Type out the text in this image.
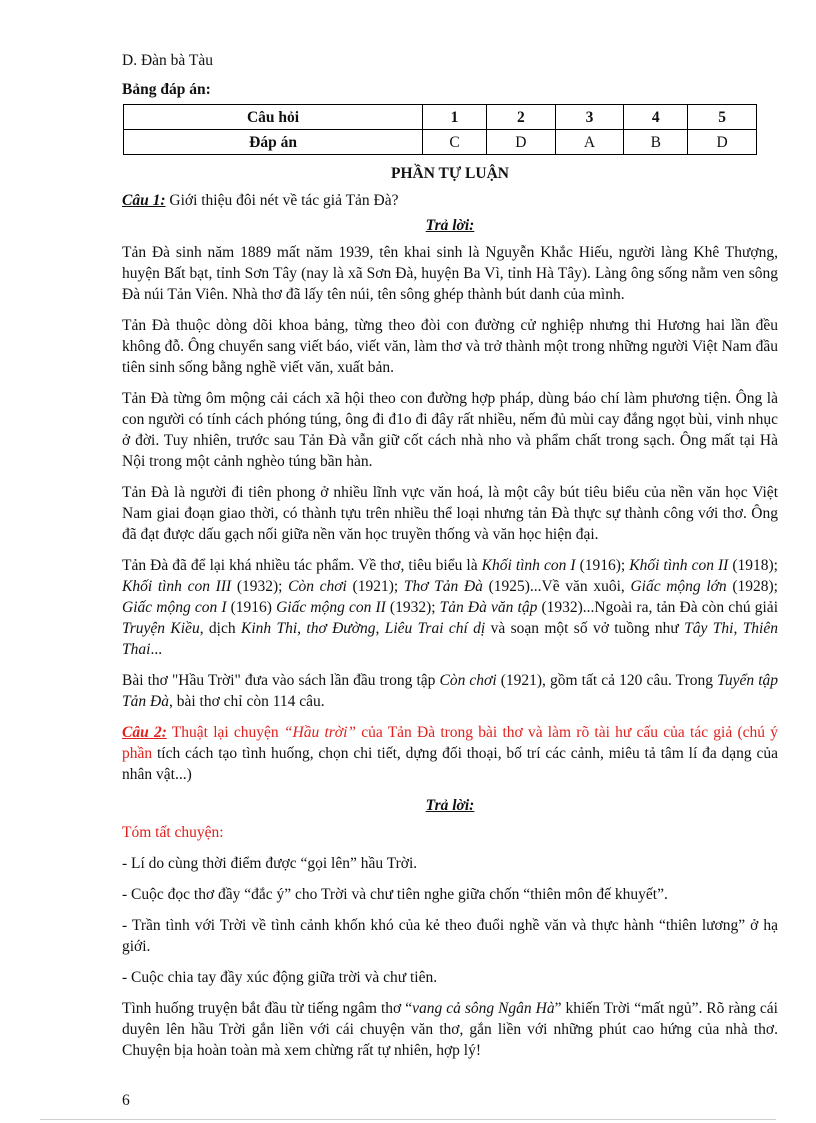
D. Đàn bà Tàu
Bảng đáp án:
Câu hỏi	1	2	3	4	5
Đáp án	C	D	A	B	D
PHẦN TỰ LUẬN
Câu 1: Giới thiệu đôi nét về tác giả Tản Đà?
Trả lời:

Tản Đà sinh năm 1889 mất năm 1939, tên khai sinh là Nguyễn Khắc Hiếu, người làng Khê Thượng, huyện Bất bạt, tỉnh Sơn Tây (nay là xã Sơn Đà, huyện Ba Vì, tỉnh Hà Tây). Làng ông sống nằm ven sông Đà núi Tản Viên. Nhà thơ đã lấy tên núi, tên sông ghép thành bút danh của mình.

Tản Đà thuộc dòng dõi khoa bảng, từng theo đòi con đường cử nghiệp nhưng thi Hương hai lần đều không đỗ. Ông chuyển sang viết báo, viết văn, làm thơ và trở thành một trong những người Việt Nam đầu tiên sinh sống bằng nghề viết văn, xuất bản.

Tản Đà từng ôm mộng cải cách xã hội theo con đường hợp pháp, dùng báo chí làm phương tiện. Ông là con người có tính cách phóng túng, ông đi đ1o đi đây rất nhiều, nếm đủ mùi cay đắng ngọt bùi, vinh nhục ở đời. Tuy nhiên, trước sau Tản Đà vẫn giữ cốt cách nhà nho và phẩm chất trong sạch. Ông mất tại Hà Nội trong một cảnh nghèo túng bần hàn.

Tản Đà là người đi tiên phong ở nhiều lĩnh vực văn hoá, là một cây bút tiêu biểu của nền văn học Việt Nam giai đoạn giao thời, có thành tựu trên nhiều thể loại nhưng tản Đà thực sự thành công với thơ. Ông đã đạt được dấu gạch nối giữa nền văn học truyền thống và văn học hiện đại.

Tản Đà đã để lại khá nhiều tác phẩm. Về thơ, tiêu biểu là Khối tình con I (1916); Khối tình con II (1918); Khối tình con III (1932); Còn chơi (1921); Thơ Tản Đà (1925)...Về văn xuôi, Giấc mộng lớn (1928); Giấc mộng con I (1916) Giấc mộng con II (1932); Tản Đà văn tập (1932)...Ngoài ra, tản Đà còn chú giải Truyện Kiều, dịch Kinh Thi, thơ Đường, Liêu Trai chí dị và soạn một số vở tuồng như Tây Thi, Thiên Thai...

Bài thơ "Hầu Trời" đưa vào sách lần đầu trong tập Còn chơi (1921), gồm tất cả 120 câu. Trong Tuyển tập Tản Đà, bài thơ chỉ còn 114 câu.

Câu 2: Thuật lại chuyện “Hầu trời” của Tản Đà trong bài thơ và làm rõ tài hư cấu của tác giả (chú ý phần tích cách tạo tình huống, chọn chi tiết, dựng đối thoại, bố trí các cảnh, miêu tả tâm lí đa dạng của nhân vật...)

Trả lời:

Tóm tất chuyện:

- Lí do cùng thời điểm được “gọi lên” hầu Trời.

- Cuộc đọc thơ đầy “đắc ý” cho Trời và chư tiên nghe giữa chốn “thiên môn đế khuyết”.

- Trần tình với Trời về tình cảnh khốn khó của kẻ theo đuổi nghề văn và thực hành “thiên lương” ở hạ giới.

- Cuộc chia tay đầy xúc động giữa trời và chư tiên.

Tình huống truyện bắt đầu từ tiếng ngâm thơ “vang cả sông Ngân Hà” khiến Trời “mất ngủ”. Rõ ràng cái duyên lên hầu Trời gắn liền với cái chuyện văn thơ, gắn liền với những phút cao hứng của nhà thơ. Chuyện bịa hoàn toàn mà xem chừng rất tự nhiên, hợp lý!

6
